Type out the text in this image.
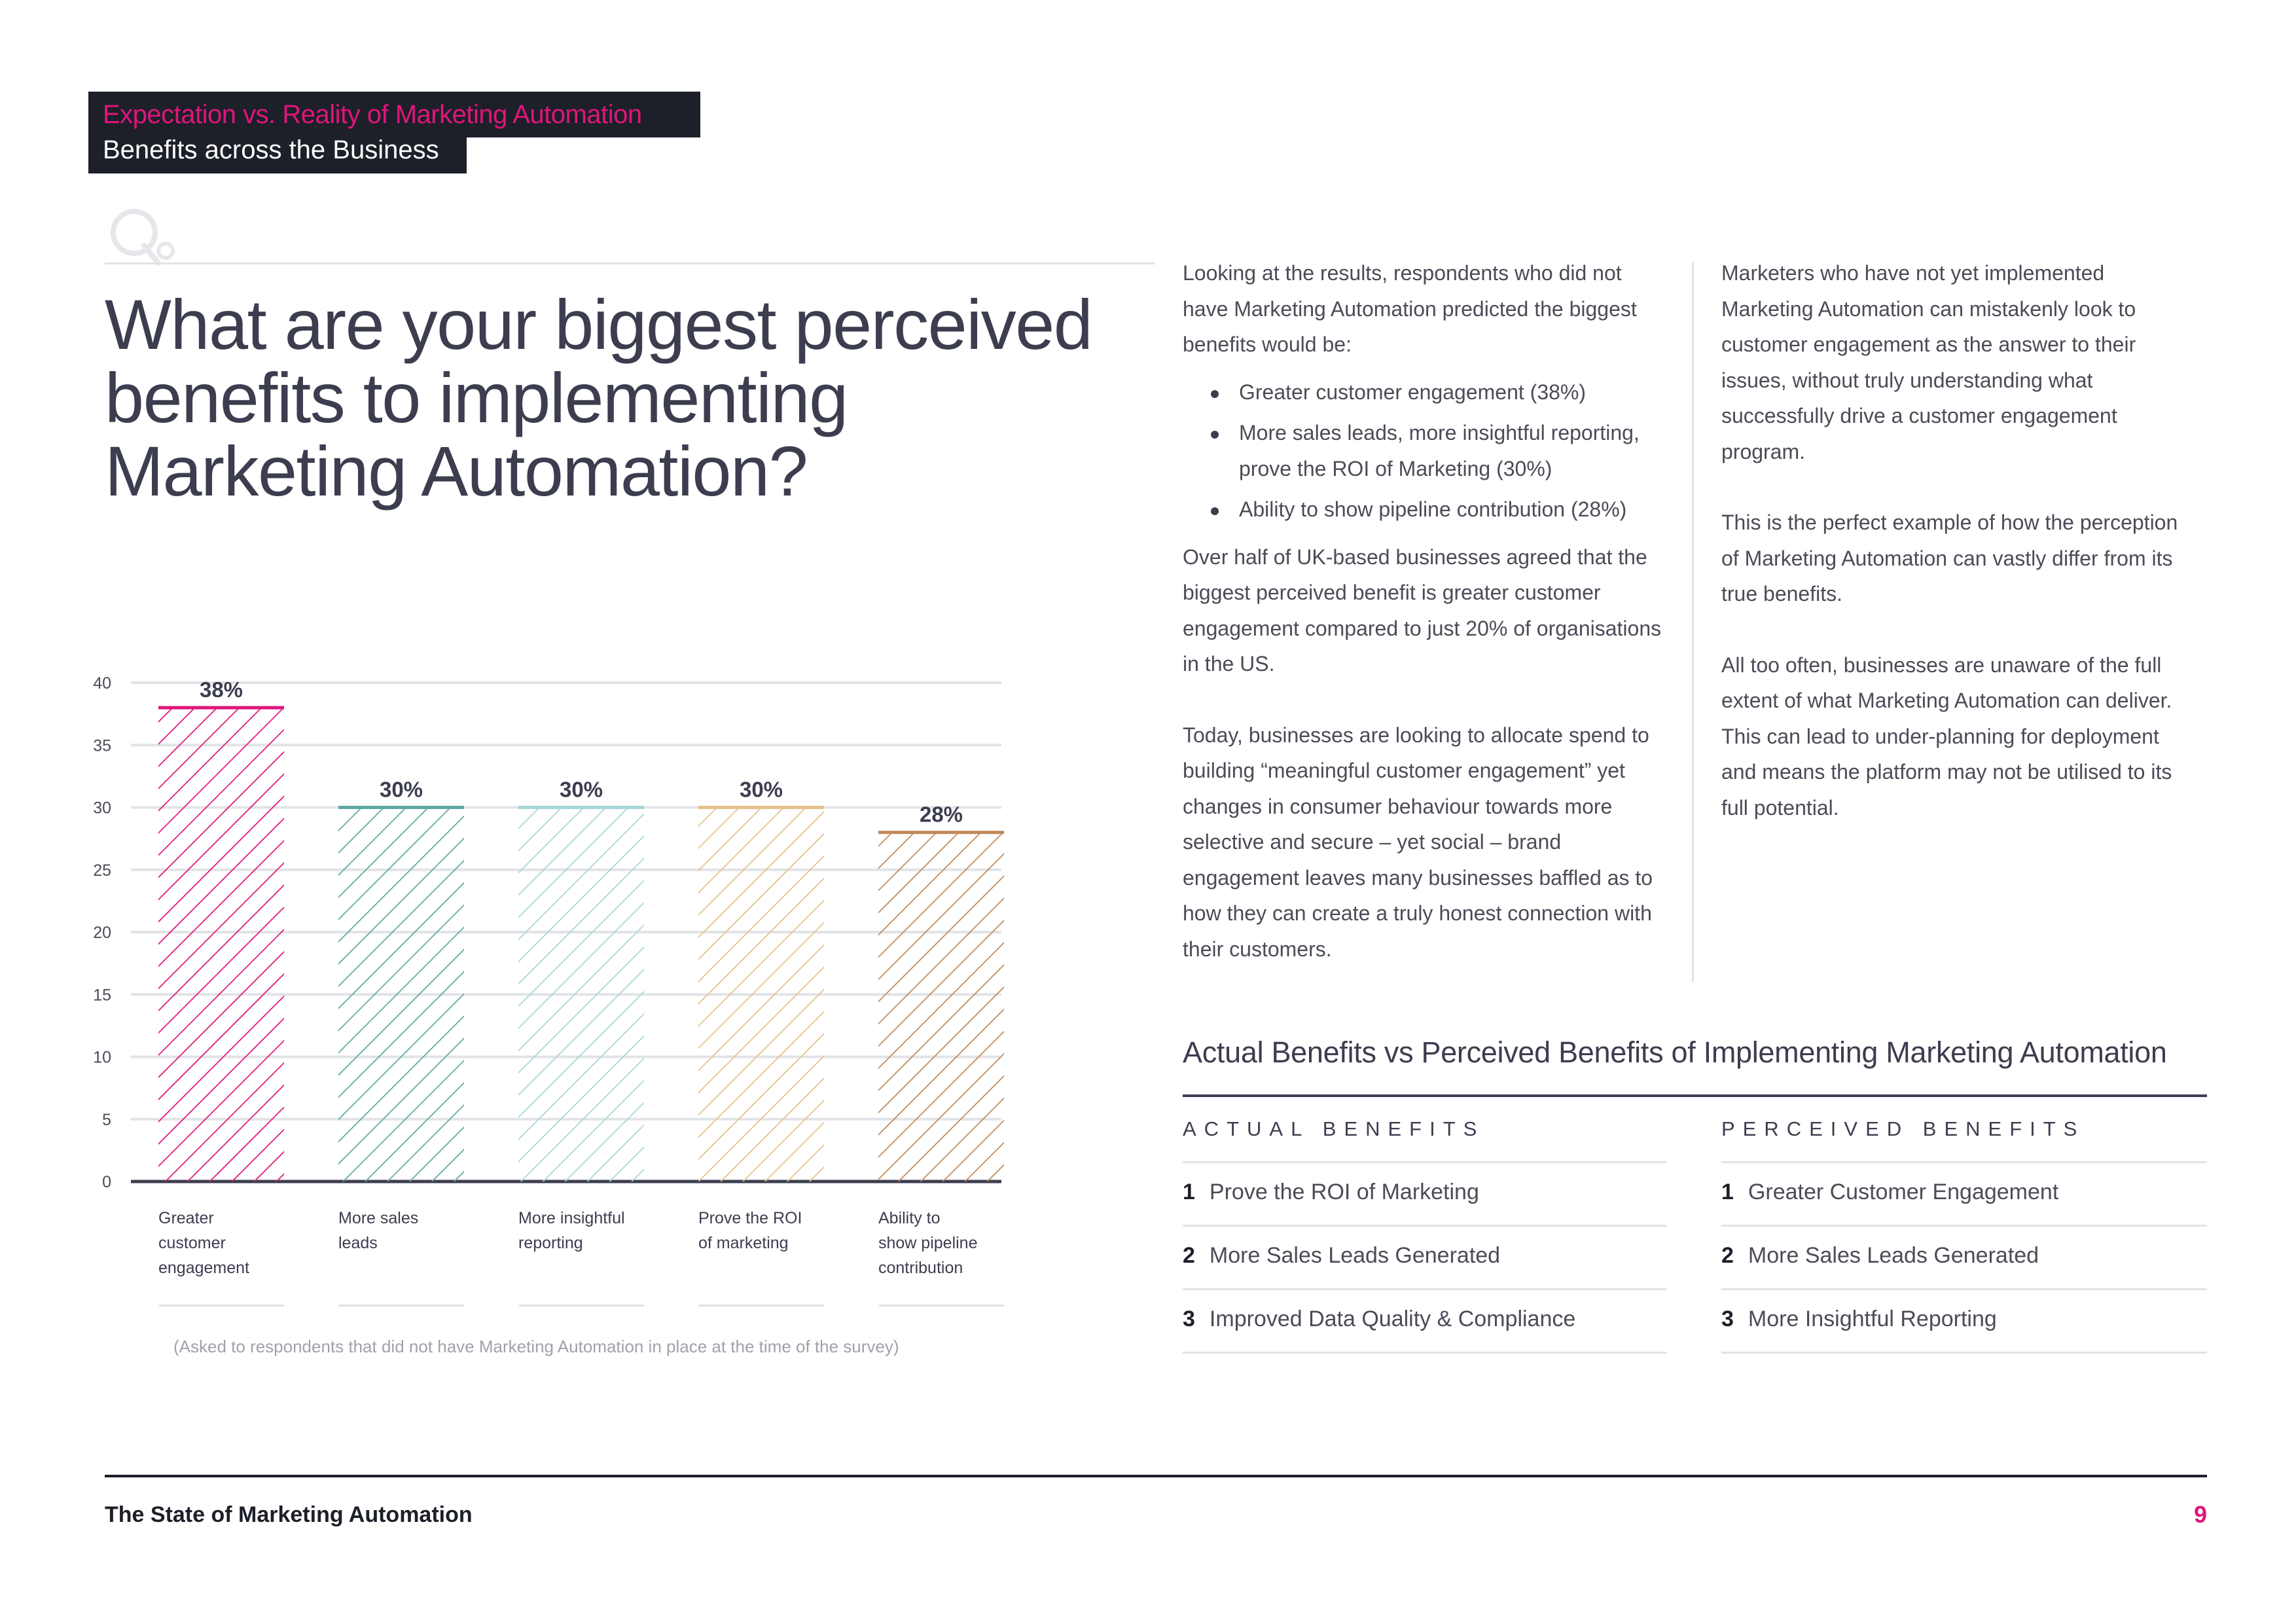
Expectation vs. Reality of Marketing Automation
Benefits across the Business
What are your biggest perceived benefits to implementing Marketing Automation?
0
5
10
15
20
25
30
35
40	38%
30%	30%	30%
28%
Greater
customer
engagement
More sales
leads
More insightful
reporting
Prove the ROI
of marketing
Ability to
show pipeline
contribution
(Asked to respondents that did not have Marketing Automation in place at the time of the survey)

Looking at the results, respondents who did not have Marketing Automation predicted the biggest benefits would be:

Greater customer engagement (38%)
More sales leads, more insightful reporting, prove the ROI of Marketing (30%)
Ability to show pipeline contribution (28%)

Over half of UK-based businesses agreed that the biggest perceived benefit is greater customer engagement compared to just 20% of organisations in the US.

Today, businesses are looking to allocate spend to building “meaningful customer engagement” yet changes in consumer behaviour towards more selective and secure – yet social – brand engagement leaves many businesses baffled as to how they can create a truly honest connection with their customers.

Marketers who have not yet implemented Marketing Automation can mistakenly look to customer engagement as the answer to their issues, without truly understanding what successfully drive a customer engagement program.

This is the perfect example of how the perception of Marketing Automation can vastly differ from its true benefits.

All too often, businesses are unaware of the full extent of what Marketing Automation can deliver. This can lead to under-planning for deployment and means the platform may not be utilised to its full potential.

Actual Benefits vs Perceived Benefits of Implementing Marketing Automation
ACTUAL BENEFITS	PERCEIVED BENEFITS
1 Prove the ROI of Marketing	1 Greater Customer Engagement
2 More Sales Leads Generated	2 More Sales Leads Generated
3 Improved Data Quality & Compliance	3 More Insightful Reporting
The State of Marketing Automation	9
